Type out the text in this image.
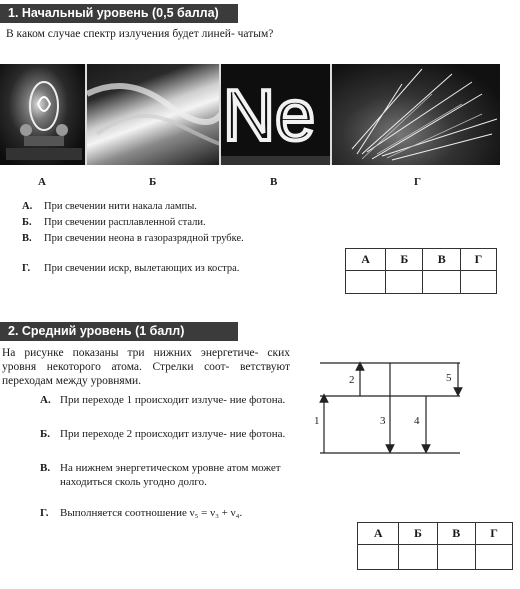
1. Начальный уровень (0,5 балла)
В каком случае спектр излучения будет линей- чатым?
Ne
А	Б	В	Г
А. При свечении нити накала лампы.
Б. При свечении расплавленной стали.
В. При свечении неона в газоразрядной трубке.
Г. При свечении искр, вылетающих из костра.
А	Б	В	Г

2. Средний уровень (1 балл)
На рисунке показаны три нижних энергетиче- ских уровня некоторого атома. Стрелки соот- ветствуют переходам между уровнями.
А. При переходе 1 происходит излуче- ние фотона.
Б. При переходе 2 происходит излуче- ние фотона.
В. На нижнем энергетическом уровне атом может находиться сколь угодно долго.
Г. Выполняется соотношение ν₅ = ν₃ + ν₄.
1
2
3	4
5
А	Б	В	Г
